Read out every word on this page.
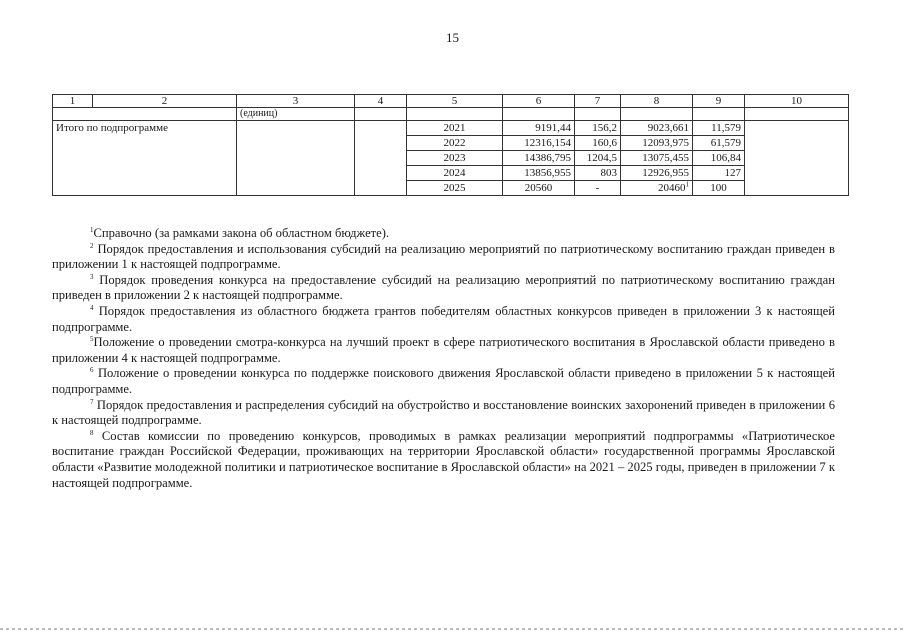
15
1	2	3	4	5	6	7	8	9	10
		(единиц)							
Итого по подпрограмме				2021	9191,44	156,2	9023,661	11,579	
				2022	12316,154	160,6	12093,975	61,579	
				2023	14386,795	1204,5	13075,455	106,84	
				2024	13856,955	803	12926,955	127	
				2025	20560	-	20460$^1$	100	

$^1$Справочно (за рамками закона об областном бюджете).

$^2$ Порядок предоставления и использования субсидий на реализацию мероприятий по патриотическому воспитанию граждан приведен в приложении 1 к настоящей подпрограмме.

$^3$ Порядок проведения конкурса на предоставление субсидий на реализацию мероприятий по патриотическому воспитанию граждан приведен в приложении 2 к настоящей подпрограмме.

$^4$ Порядок предоставления из областного бюджета грантов победителям областных конкурсов приведен в приложении 3 к настоящей подпрограмме.

$^5$Положение о проведении смотра-конкурса на лучший проект в сфере патриотического воспитания в Ярославской области приведено в приложении 4 к настоящей подпрограмме.

$^6$ Положение о проведении конкурса по поддержке поискового движения Ярославской области приведено в приложении 5 к настоящей подпрограмме.

$^7$ Порядок предоставления и распределения субсидий на обустройство и восстановление воинских захоронений приведен в приложении 6 к настоящей подпрограмме.

$^8$ Состав комиссии по проведению конкурсов, проводимых в рамках реализации мероприятий подпрограммы «Патриотическое воспитание граждан Российской Федерации, проживающих на территории Ярославской области» государственной программы Ярославской области «Развитие молодежной политики и патриотическое воспитание в Ярославской области» на 2021 – 2025 годы, приведен в приложении 7 к настоящей подпрограмме.
